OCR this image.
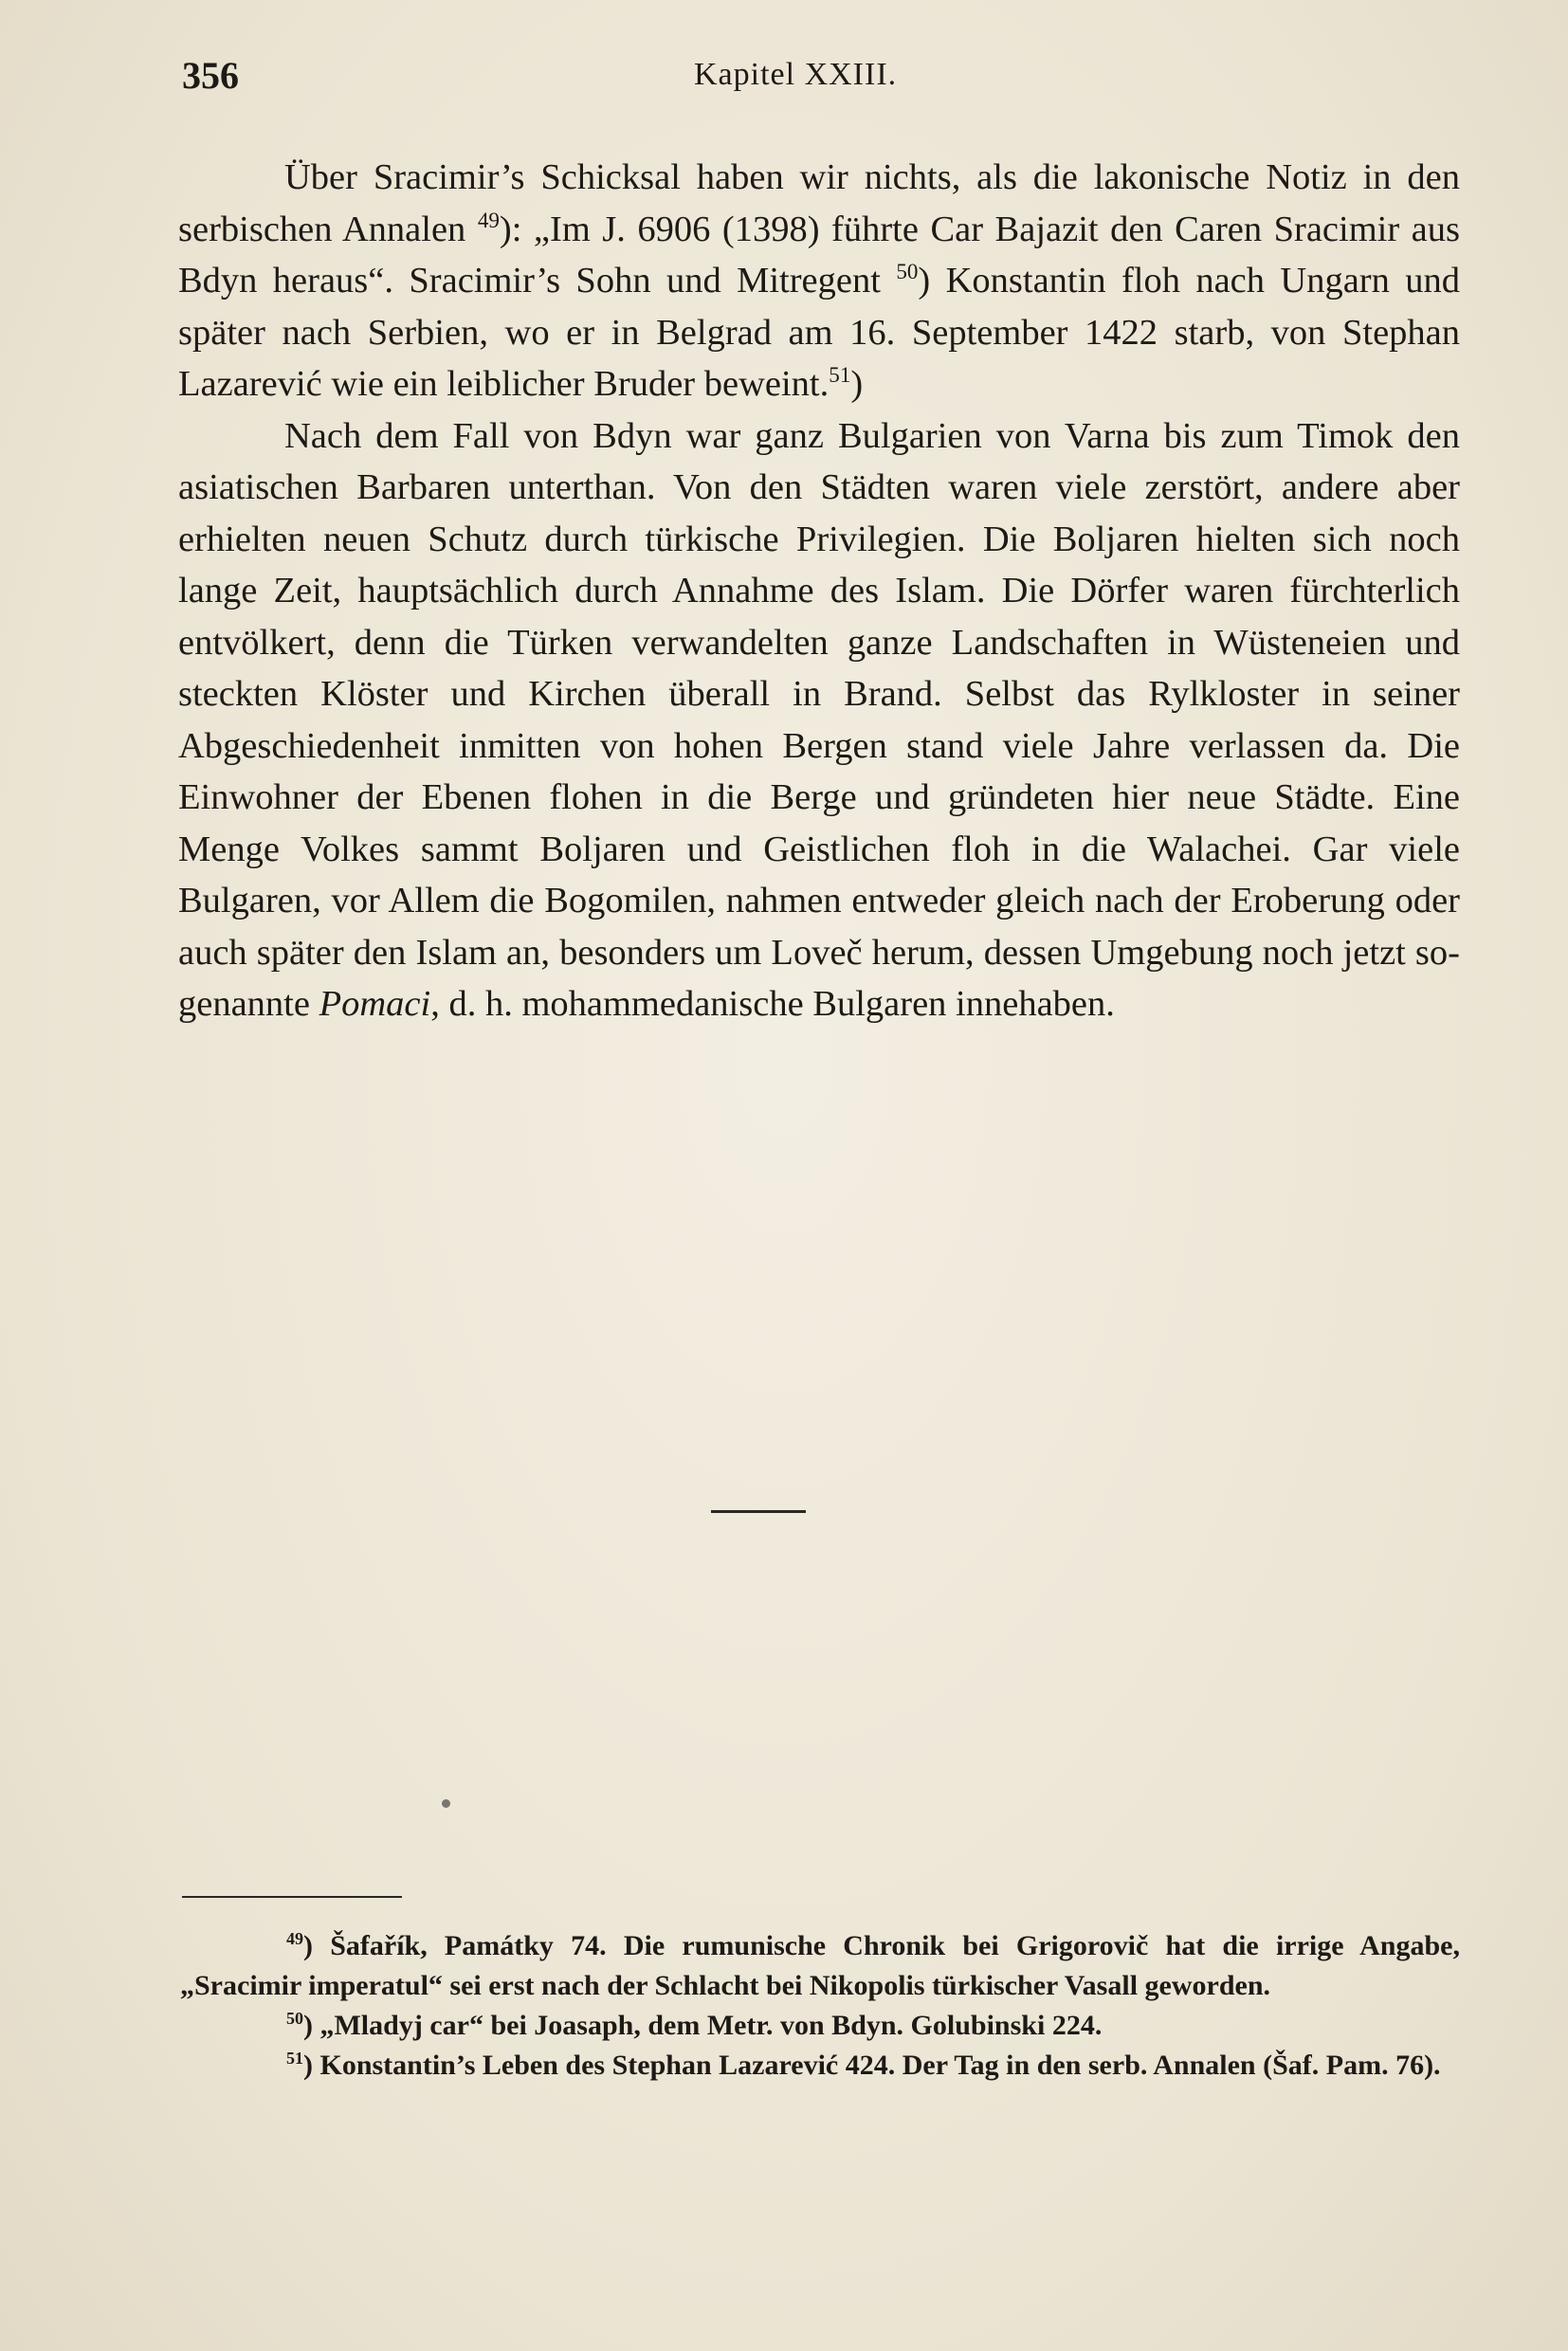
356	Kapitel XXIII.

Über Sracimir’s Schicksal haben wir nichts, als die lakonische Notiz in den serbischen Annalen $^{49}$): „Im J. 6906 (1398) führte Car Bajazit den Caren Sracimir aus Bdyn heraus“. Sracimir’s Sohn und Mitregent $^{50}$) Konstantin floh nach Ungarn und später nach Serbien, wo er in Belgrad am 16. September 1422 starb, von Stephan Lazarević wie ein leiblicher Bruder beweint.$^{51}$)

Nach dem Fall von Bdyn war ganz Bulgarien von Varna bis zum Timok den asiatischen Barbaren unterthan. Von den Städten waren viele zerstört, andere aber erhielten neuen Schutz durch türkische Privilegien. Die Boljaren hielten sich noch lange Zeit, hauptsächlich durch Annahme des Islam. Die Dörfer waren fürchterlich entvölkert, denn die Türken verwandelten ganze Landschaften in Wüsteneien und steckten Klöster und Kirchen überall in Brand. Selbst das Rylkloster in seiner Abgeschiedenheit inmitten von hohen Bergen stand viele Jahre verlassen da. Die Einwohner der Ebenen flohen in die Berge und gründeten hier neue Städte. Eine Menge Volkes sammt Boljaren und Geistlichen floh in die Walachei. Gar viele Bulgaren, vor Allem die Bogomilen, nahmen entweder gleich nach der Eroberung oder auch später den Islam an, besonders um Loveč herum, dessen Umgebung noch jetzt sogenannte Pomaci, d. h. mohammedanische Bulgaren innehaben.

$^{49}$) Šafařík, Památky 74. Die rumunische Chronik bei Grigorovič hat die irrige Angabe, „Sracimir imperatul“ sei erst nach der Schlacht bei Nikopolis türkischer Vasall geworden.

$^{50}$) „Mladyj car“ bei Joasaph, dem Metr. von Bdyn. Golubinski 224.

$^{51}$) Konstantin’s Leben des Stephan Lazarević 424. Der Tag in den serb. Annalen (Šaf. Pam. 76).
